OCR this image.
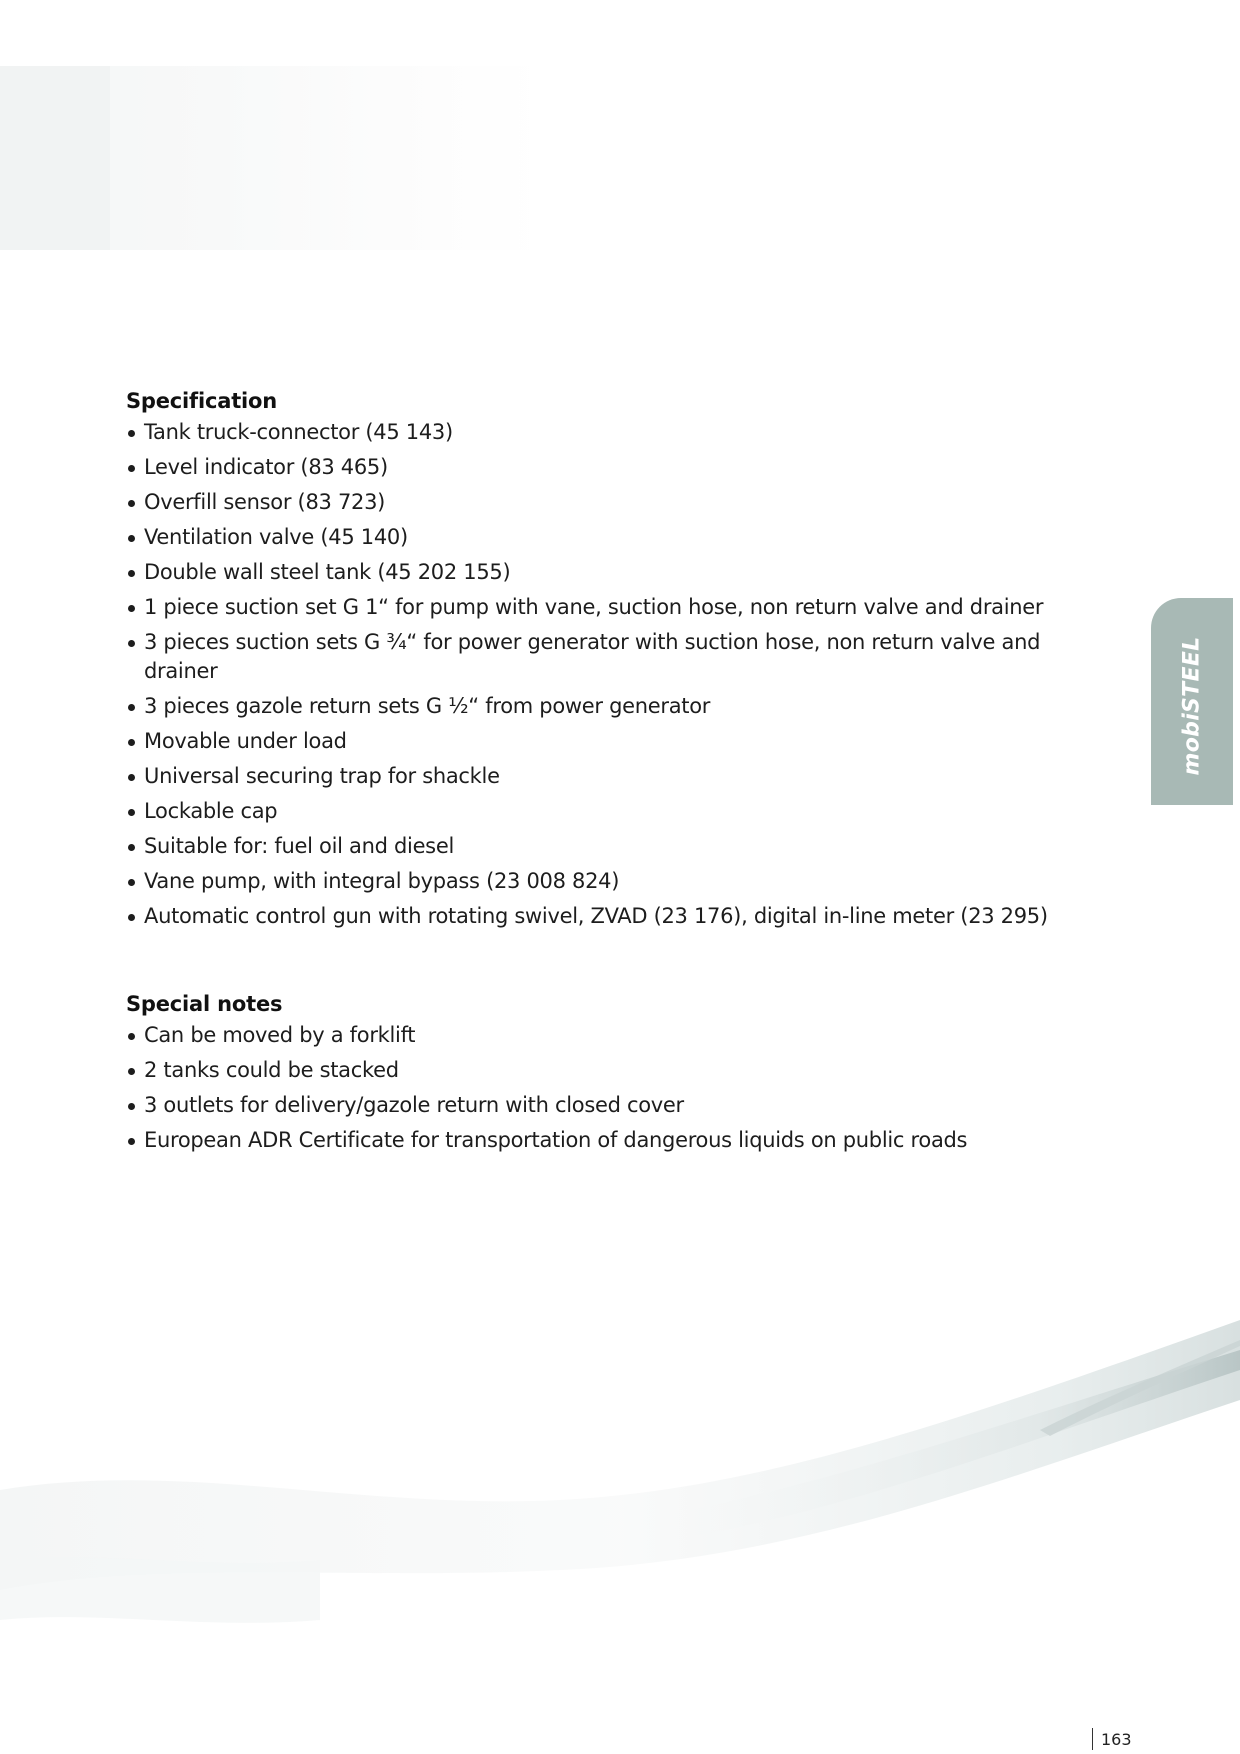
Specification
Tank truck-connector (45 143)
Level indicator (83 465)
Overfill sensor (83 723)
Ventilation valve (45 140)
Double wall steel tank (45 202 155)
1 piece suction set G 1“ for pump with vane, suction hose, non return valve and drainer
3 pieces suction sets G ¾“ for power generator with suction hose, non return valve and drainer
3 pieces gazole return sets G ½“ from power generator
Movable under load
Universal securing trap for shackle
Lockable cap
Suitable for: fuel oil and diesel
Vane pump, with integral bypass (23 008 824)
Automatic control gun with rotating swivel, ZVAD (23 176), digital in-line meter (23 295)
Special notes
Can be moved by a forklift
2 tanks could be stacked
3 outlets for delivery/gazole return with closed cover
European ADR Certificate for transportation of dangerous liquids on public roads
mobiSTEEL
163
